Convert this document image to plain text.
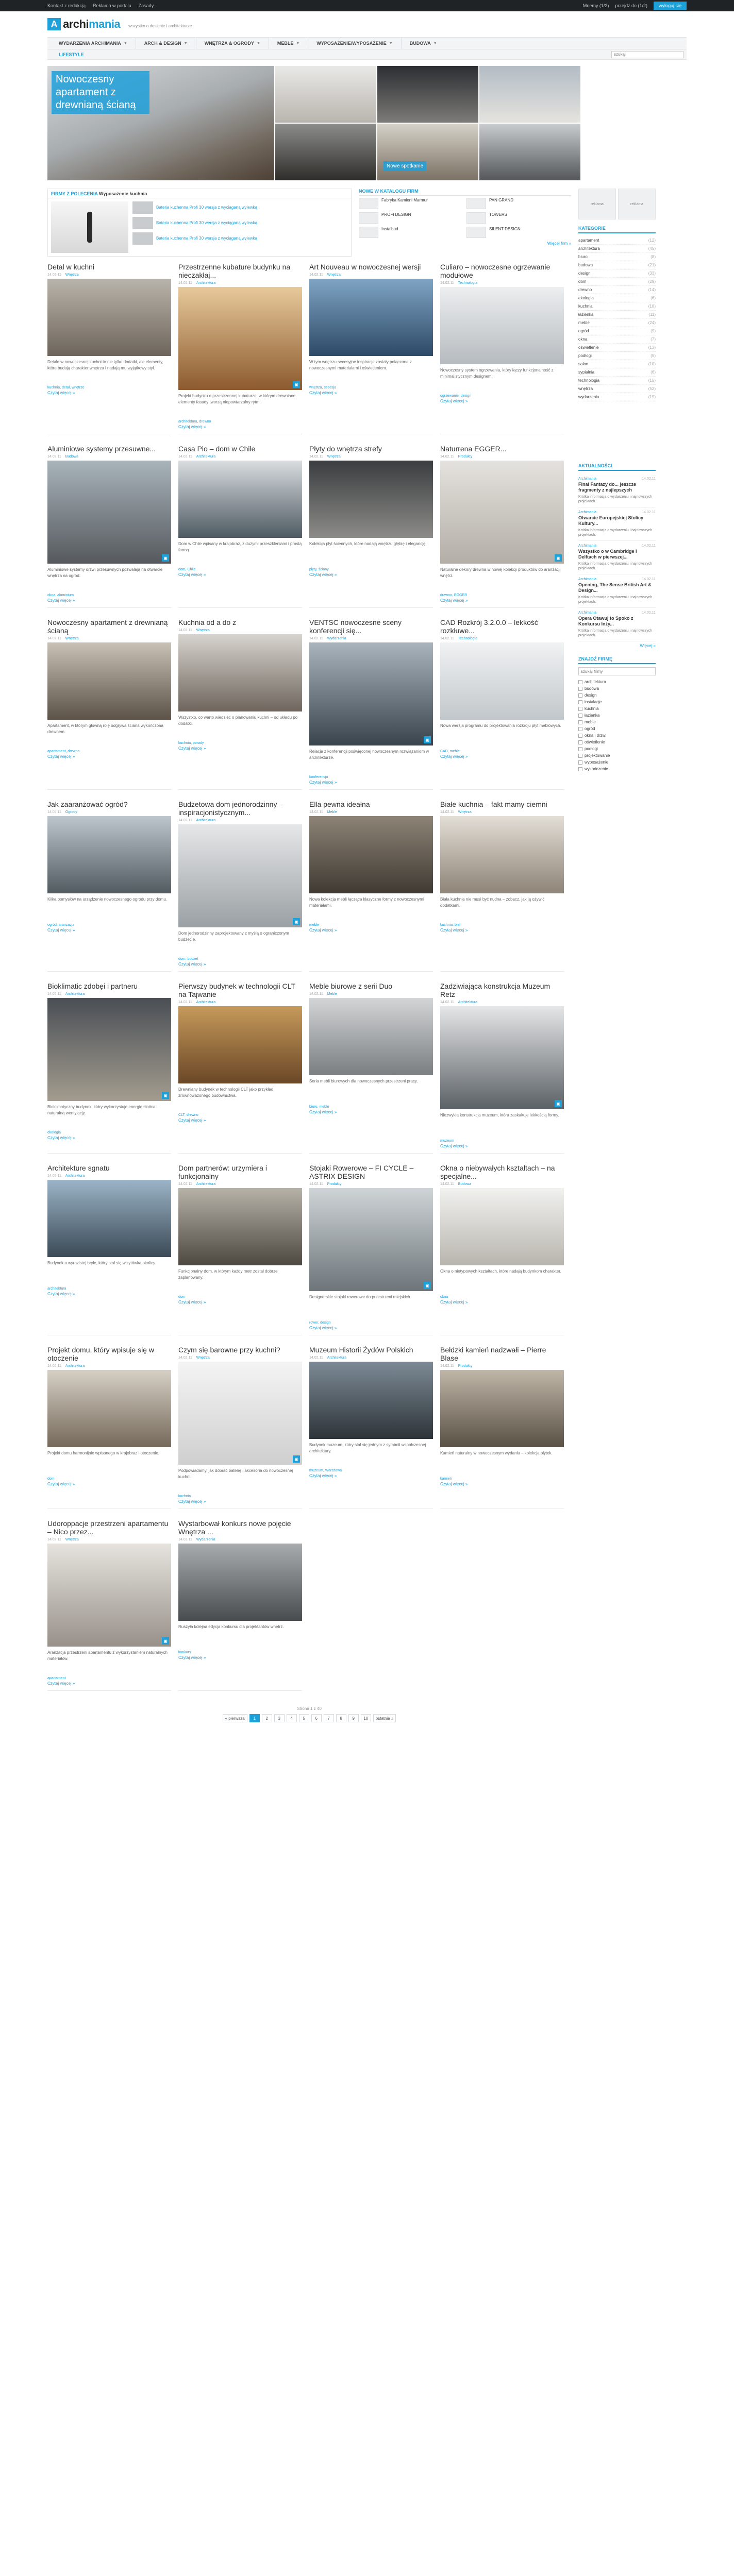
Kontakt z redakcją Reklama w portalu Zasady	Mnemy (1/2) przejdź do (1/2)	wyloguj się
A archimania wszystko o designie i architekturze
WYDARZENIA ARCHIMANIA ▼	ARCH & DESIGN ▼	WNĘTRZA & OGRODY ▼	MEBLE ▼	WYPOSAŻENIE/WYPOSAŻENIE ▼	BUDOWA ▼
LIFESTYLE
szukaj
Nowoczesny apartament z drewnianą ścianą
Nowe spotkanie
FIRMY Z POLECENIA Wyposażenie kuchnia
Bateria kuchenna Profi 30 wersja z wyciąganą wylewką
Bateria kuchenna Profi 30 wersja z wyciąganą wylewką
Bateria kuchenna Profi 30 wersja z wyciąganą wylewką
NOWE W KATALOGU FIRM
Fabryka Kamieni Marmur	PAN GRAND
PROFI DESIGN	TOWERS
Instalbud	SILENT DESIGN
Więcej firm »
Detal w kuchni
14.02.11 Wnętrza
Detale w nowoczesnej kuchni to nie tylko dodatki, ale elementy, które budują charakter wnętrza i nadają mu wyjątkowy styl.
kuchnia, detal, wnętrze
Czytaj więcej »
Przestrzenne kubature budynku na nieczakłaj...
14.02.11 Architektura
▣
Projekt budynku o przestrzennej kubaturze, w którym drewniane elementy fasady tworzą niepowtarzalny rytm.
architektura, drewno
Czytaj więcej »
Art Nouveau w nowoczesnej wersji
14.02.11 Wnętrza
W tym wnętrzu secesyjne inspiracje zostały połączone z nowoczesnymi materiałami i oświetleniem.
wnętrza, secesja
Czytaj więcej »
Culiaro – nowoczesne ogrzewanie modułowe
14.02.11 Technologia
Nowoczesny system ogrzewania, który łączy funkcjonalność z minimalistycznym designem.
ogrzewanie, design
Czytaj więcej »
Aluminiowe systemy przesuwne...
14.02.11 Budowa
▣
Aluminiowe systemy drzwi przesuwnych pozwalają na otwarcie wnętrza na ogród.
okna, aluminium
Czytaj więcej »
Casa Pio – dom w Chile
14.02.11 Architektura
Dom w Chile wpisany w krajobraz, z dużymi przeszkleniami i prostą formą.
dom, Chile
Czytaj więcej »
Płyty do wnętrza strefy
14.02.11 Wnętrza
Kolekcja płyt ściennych, które nadają wnętrzu głębię i elegancję.
płyty, ściany
Czytaj więcej »
Naturrena EGGER...
14.02.11 Produkty
▣
Naturalne dekory drewna w nowej kolekcji produktów do aranżacji wnętrz.
drewno, EGGER
Czytaj więcej »
Nowoczesny apartament z drewnianą ścianą
14.02.11 Wnętrza
Apartament, w którym główną rolę odgrywa ściana wykończona drewnem.
apartament, drewno
Czytaj więcej »
Kuchnia od a do z
14.02.11 Wnętrza
Wszystko, co warto wiedzieć o planowaniu kuchni – od układu po dodatki.
kuchnia, porady
Czytaj więcej »
VENTSC nowoczesne sceny konferencji się...
14.02.11 Wydarzenia
▣
Relacja z konferencji poświęconej nowoczesnym rozwiązaniom w architekturze.
konferencja
Czytaj więcej »
CAD Rozkrój 3.2.0.0 – lekkość rozkłuwe...
14.02.11 Technologia
Nowa wersja programu do projektowania rozkroju płyt meblowych.
CAD, meble
Czytaj więcej »
Jak zaaranżować ogród?
14.02.11 Ogrody
Kilka pomysłów na urządzenie nowoczesnego ogrodu przy domu.
ogród, aranżacja
Czytaj więcej »
Budżetowa dom jednorodzinny – inspiracjonistycznym...
14.02.11 Architektura
▣
Dom jednorodzinny zaprojektowany z myślą o ograniczonym budżecie.
dom, budżet
Czytaj więcej »
Ella pewna ideałna
14.02.11 Meble
Nowa kolekcja mebli łącząca klasyczne formy z nowoczesnymi materiałami.
meble
Czytaj więcej »
Białe kuchnia – fakt mamy ciemni
14.02.11 Wnętrza
Biała kuchnia nie musi być nudna – zobacz, jak ją ożywić dodatkami.
kuchnia, biel
Czytaj więcej »
Bioklimatic zdobęi i partneru
14.02.11 Architektura
▣
Bioklimatyczny budynek, który wykorzystuje energię słońca i naturalną wentylację.
ekologia
Czytaj więcej »
Pierwszy budynek w technologii CLT na Tajwanie
14.02.11 Architektura
Drewniany budynek w technologii CLT jako przykład zrównoważonego budownictwa.
CLT, drewno
Czytaj więcej »
Meble biurowe z serii Duo
14.02.11 Meble
Seria mebli biurowych dla nowoczesnych przestrzeni pracy.
biuro, meble
Czytaj więcej »
Zadziwiająca konstrukcja Muzeum Retz
14.02.11 Architektura
▣
Niezwykła konstrukcja muzeum, która zaskakuje lekkością formy.
muzeum
Czytaj więcej »
Architekture sgnatu
14.02.11 Architektura
Budynek o wyrazistej bryle, który stał się wizytówką okolicy.
architektura
Czytaj więcej »
Dom partnerów: urzymiera i funkcjonalny
14.02.11 Architektura
Funkcjonalny dom, w którym każdy metr został dobrze zaplanowany.
dom
Czytaj więcej »
Stojaki Rowerowe – FI CYCLE – ASTRIX DESIGN
14.02.11 Produkty
▣
Designerskie stojaki rowerowe do przestrzeni miejskich.
rower, design
Czytaj więcej »
Okna o niebywałych kształtach – na specjalne...
14.02.11 Budowa
Okna o nietypowych kształtach, które nadają budynkom charakter.
okna
Czytaj więcej »
Projekt domu, który wpisuje się w otoczenie
14.02.11 Architektura
Projekt domu harmonijnie wpisanego w krajobraz i otoczenie.
dom
Czytaj więcej »
Czym się barowne przy kuchni?
14.02.11 Wnętrza
▣
Podpowiadamy, jak dobrać baterię i akcesoria do nowoczesnej kuchni.
kuchnia
Czytaj więcej »
Muzeum Historii Żydów Polskich
14.02.11 Architektura
Budynek muzeum, który stał się jednym z symboli współczesnej architektury.
muzeum, Warszawa
Czytaj więcej »
Bełdzki kamień nadzwałi – Pierre Blase
14.02.11 Produkty
Kamień naturalny w nowoczesnym wydaniu – kolekcja płytek.
kamień
Czytaj więcej »
Udoroppacje przestrzeni apartamentu – Nico przez...
14.02.11 Wnętrza
▣
Aranżacja przestrzeni apartamentu z wykorzystaniem naturalnych materiałów.
apartament
Czytaj więcej »
Wystarbował konkurs nowe pojęcie Wnętrza ...
14.02.11 Wydarzenia
Ruszyła kolejna edycja konkursu dla projektantów wnętrz.
konkurs
Czytaj więcej »
Strona 1 z 40
« pierwsza	1	2	3	4	5	6	7	8	9	10	ostatnia »
reklama	reklama
KATEGORIE
apartament	(12)
architektura	(45)
biuro	(8)
budowa	(21)
design	(33)
dom	(29)
drewno	(14)
ekologia	(6)
kuchnia	(18)
łazienka	(11)
meble	(24)
ogród	(9)
okna	(7)
oświetlenie	(13)
podłogi	(5)
salon	(10)
sypialnia	(6)
technologia	(15)
wnętrza	(52)
wydarzenia	(19)
AKTUALNOŚCI
Archimania	14.02.11
Final Fantazy do... jeszcze fragmenty z najlepszych
Krótka informacja o wydarzeniu i najnowszych projektach.
Archimania	14.02.11
Otwarcie Europejskiej Stolicy Kultury...
Krótka informacja o wydarzeniu i najnowszych projektach.
Archimania	14.02.11
Wszystko o w Cambridge i Delftach w pierwszej...
Krótka informacja o wydarzeniu i najnowszych projektach.
Archimania	14.02.11
Opening, The Sense British Art & Design...
Krótka informacja o wydarzeniu i najnowszych projektach.
Archimania	14.02.11
Opera Otawuj to Spoko z Konkursu Inży...
Krótka informacja o wydarzeniu i najnowszych projektach.
Więcej »
ZNAJDŹ FIRMĘ
szukaj firmy
architektura
budowa
design
instalacje
kuchnia
łazienka
meble
ogród
okna i drzwi
oświetlenie
podłogi
projektowanie
wyposażenie
wykończenie
